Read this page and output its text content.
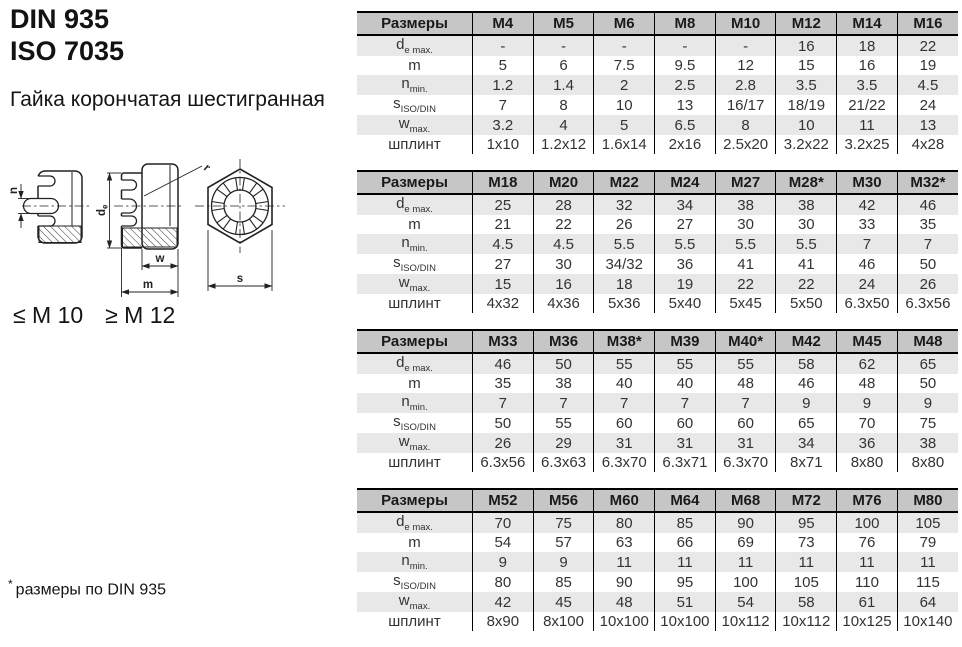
DIN 935
ISO 7035
Гайка корончатая шестигранная
n
$d_e$
r
w
m	s
≤ M 10 ≥ M 12
* размеры по DIN 935
Размеры	M4	M5	M6	M8	M10	M12	M14	M16
$d_{e max.}$	-	-	-	-	-	16	18	22
m	5	6	7.5	9.5	12	15	16	19
$n_{min.}$	1.2	1.4	2	2.5	2.8	3.5	3.5	4.5
$s_{ISO/DIN}$	7	8	10	13	16/17	18/19	21/22	24
$w_{max.}$	3.2	4	5	6.5	8	10	11	13
шплинт	1x10	1.2x12	1.6x14	2x16	2.5x20	3.2x22	3.2x25	4x28
Размеры	M18	M20	M22	M24	M27	M28*	M30	M32*
$d_{e max.}$	25	28	32	34	38	38	42	46
m	21	22	26	27	30	30	33	35
$n_{min.}$	4.5	4.5	5.5	5.5	5.5	5.5	7	7
$s_{ISO/DIN}$	27	30	34/32	36	41	41	46	50
$w_{max.}$	15	16	18	19	22	22	24	26
шплинт	4x32	4x36	5x36	5x40	5x45	5x50	6.3x50	6.3x56
Размеры	M33	M36	M38*	M39	M40*	M42	M45	M48
$d_{e max.}$	46	50	55	55	55	58	62	65
m	35	38	40	40	48	46	48	50
$n_{min.}$	7	7	7	7	7	9	9	9
$s_{ISO/DIN}$	50	55	60	60	60	65	70	75
$w_{max.}$	26	29	31	31	31	34	36	38
шплинт	6.3x56	6.3x63	6.3x70	6.3x71	6.3x70	8x71	8x80	8x80
Размеры	M52	M56	M60	M64	M68	M72	M76	M80
$d_{e max.}$	70	75	80	85	90	95	100	105
m	54	57	63	66	69	73	76	79
$n_{min.}$	9	9	11	11	11	11	11	11
$s_{ISO/DIN}$	80	85	90	95	100	105	110	115
$w_{max.}$	42	45	48	51	54	58	61	64
шплинт	8x90	8x100	10x100	10x100	10x112	10x112	10x125	10x140
